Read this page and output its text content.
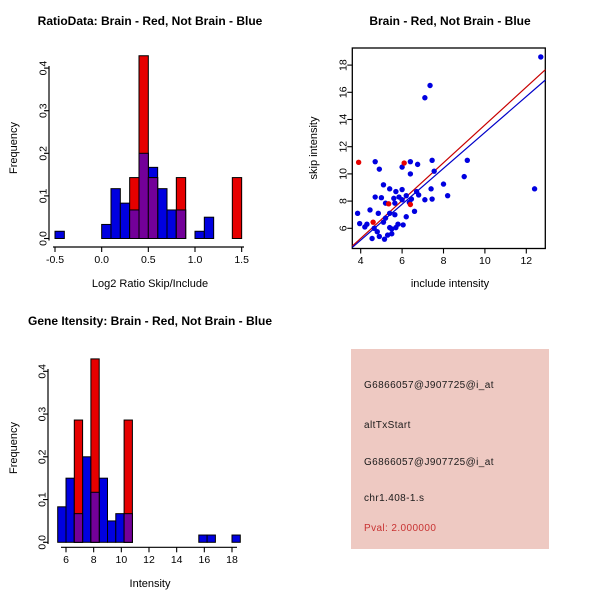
RatioData: Brain - Red, Not Brain - Blue
-0.5	0.0	0.5	1.0	1.5
0.0
0.1
0.2
0.3
0.4
Log2 Ratio Skip/Include
Frequency
Brain - Red, Not Brain - Blue
4	6	8	10	12
6
8
10
12
14
16
18
include intensity
skip intensity
Gene Itensity: Brain - Red, Not Brain - Blue
6 8 10 12 14 16 18
0.0
0.1
0.2
0.3
0.4
Intensity
Frequency
G6866057@J907725@i_at
altTxStart
G6866057@J907725@i_at
chr1.408-1.s
Pval: 2.000000
